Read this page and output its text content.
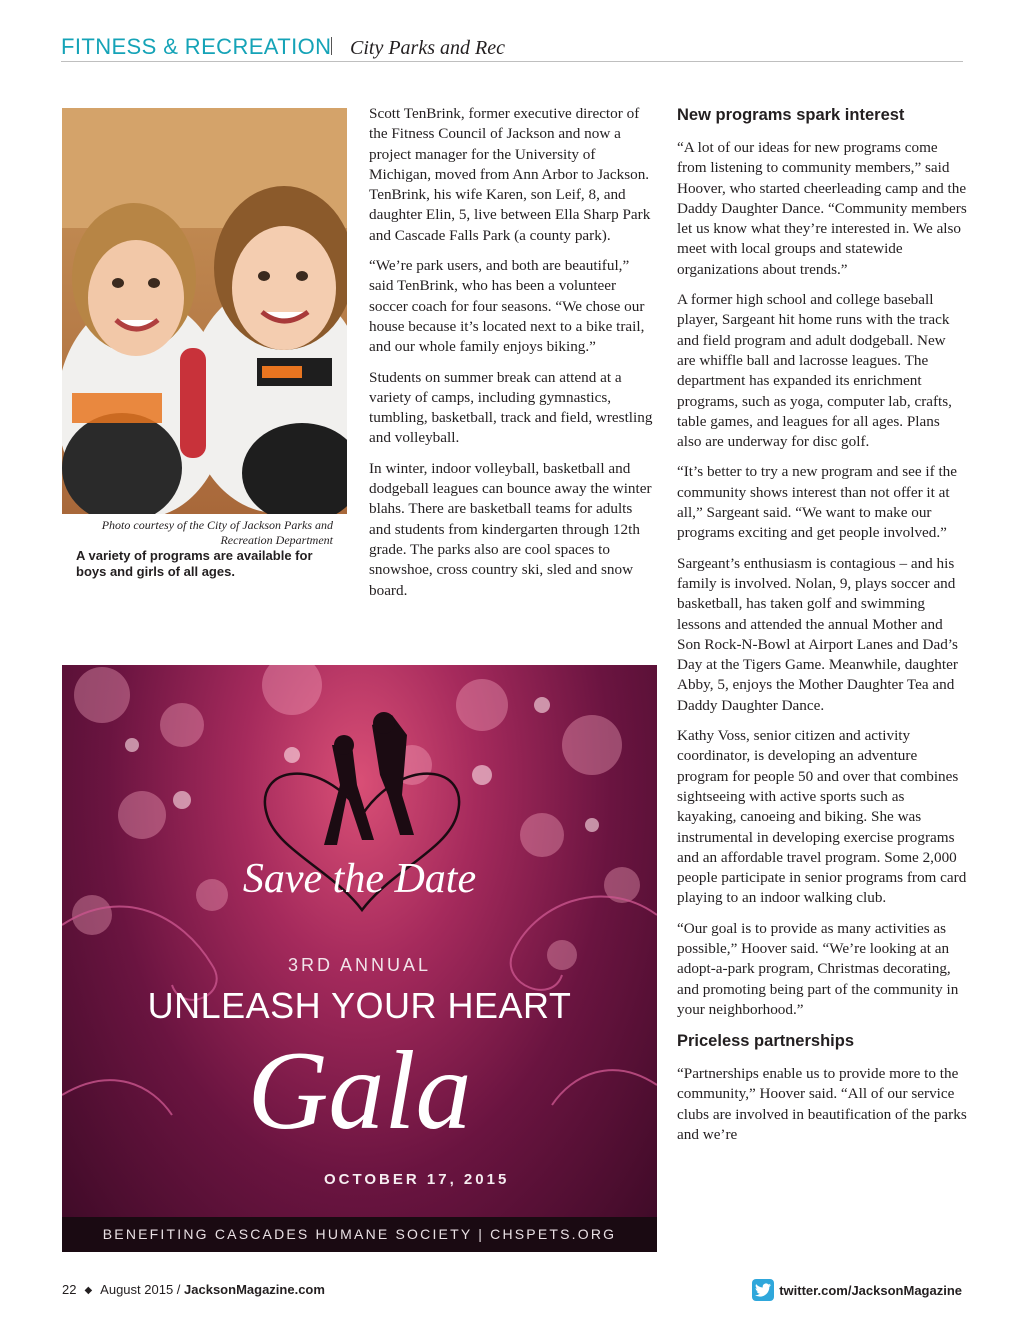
FITNESS & RECREATION City Parks and Rec
Photo courtesy of the City of Jackson Parks and Recreation Department
A variety of programs are available for boys and girls of all ages.

Scott TenBrink, former executive director of the Fitness Council of Jackson and now a project manager for the University of Michigan, moved from Ann Arbor to Jackson. TenBrink, his wife Karen, son Leif, 8, and daughter Elin, 5, live between Ella Sharp Park and Cascade Falls Park (a county park).

“We’re park users, and both are beautiful,” said TenBrink, who has been a volunteer soccer coach for four seasons. “We chose our house because it’s located next to a bike trail, and our whole family enjoys biking.”

Students on summer break can attend at a variety of camps, including gymnastics, tumbling, basketball, track and field, wrestling and volleyball.

In winter, indoor volleyball, basketball and dodgeball leagues can bounce away the winter blahs. There are basketball teams for adults and students from kindergarten through 12th grade. The parks also are cool spaces to snowshoe, cross country ski, sled and snow board.

New programs spark interest

“A lot of our ideas for new programs come from listening to community members,” said Hoover, who started cheerleading camp and the Daddy Daughter Dance. “Community members let us know what they’re interested in. We also meet with local groups and statewide organizations about trends.”

A former high school and college baseball player, Sargeant hit home runs with the track and field program and adult dodgeball. New are whiffle ball and lacrosse leagues. The department has expanded its enrichment programs, such as yoga, computer lab, crafts, table games, and leagues for all ages. Plans also are underway for disc golf.

“It’s better to try a new program and see if the community shows interest than not offer it at all,” Sargeant said. “We want to make our programs exciting and get people involved.”

Sargeant’s enthusiasm is contagious – and his family is involved. Nolan, 9, plays soccer and basketball, has taken golf and swimming lessons and attended the annual Mother and Son Rock-N-Bowl at Airport Lanes and Dad’s Day at the Tigers Game. Meanwhile, daughter Abby, 5, enjoys the Mother Daughter Tea and Daddy Daughter Dance.

Kathy Voss, senior citizen and activity coordinator, is developing an adventure program for people 50 and over that combines sightseeing with active sports such as kayaking, canoeing and biking. She was instrumental in developing exercise programs and an affordable travel program. Some 2,000 people participate in senior programs from card playing to an indoor walking club.

“Our goal is to provide as many activities as possible,” Hoover said. “We’re looking at an adopt-a-park program, Christmas decorating, and promoting being part of the community in your neighborhood.”

Priceless partnerships

“Partnerships enable us to provide more to the community,” Hoover said. “All of our service clubs are involved in beautification of the parks and we’re

Save the Date
3RD ANNUAL
UNLEASH YOUR HEART
Gala
OCTOBER 17, 2015
BENEFITING CASCADES HUMANE SOCIETY | CHSPETS.ORG
22 ◆ August 2015 / JacksonMagazine.com	twitter.com/JacksonMagazine
